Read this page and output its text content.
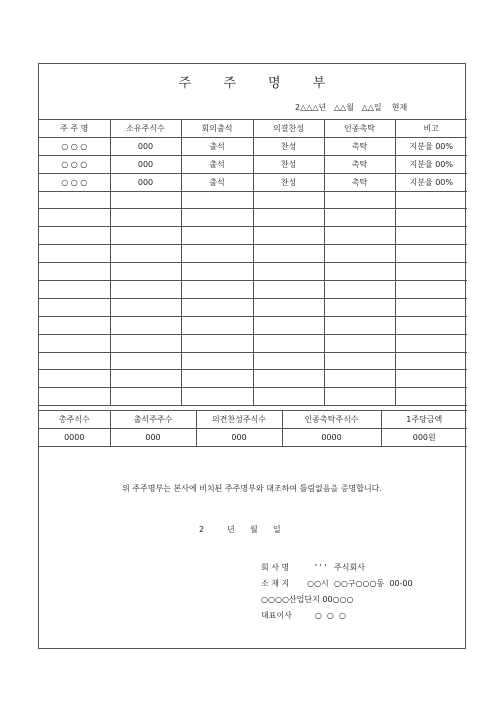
주 주 명 부
2△△△년   △△월   △△일    현재
주 주 명	소유주식수	회의출석	의결찬성	인종촉탁	비고
○ ○ ○	000	출석	찬성	촉탁	지분율 00%
○ ○ ○	000	출석	찬성	촉탁	지분율 00%
○ ○ ○	000	출석	찬성	촉탁	지분율 00%

총주식수	출석주주수	의견찬성주식수	인종촉탁주식수	1주당금액
0000	000	000	0000	000원
위 주주명부는 본사에 비치된 주주명부와 대조하여 틀림없음을 증명합니다.
2         년      월      일
회 사 명	' ' '   주식회사
소 재 지 ○○시  ○○구○○○동  00-00
○○○○산업단지 00○○○
대표이사	○  ○  ○
